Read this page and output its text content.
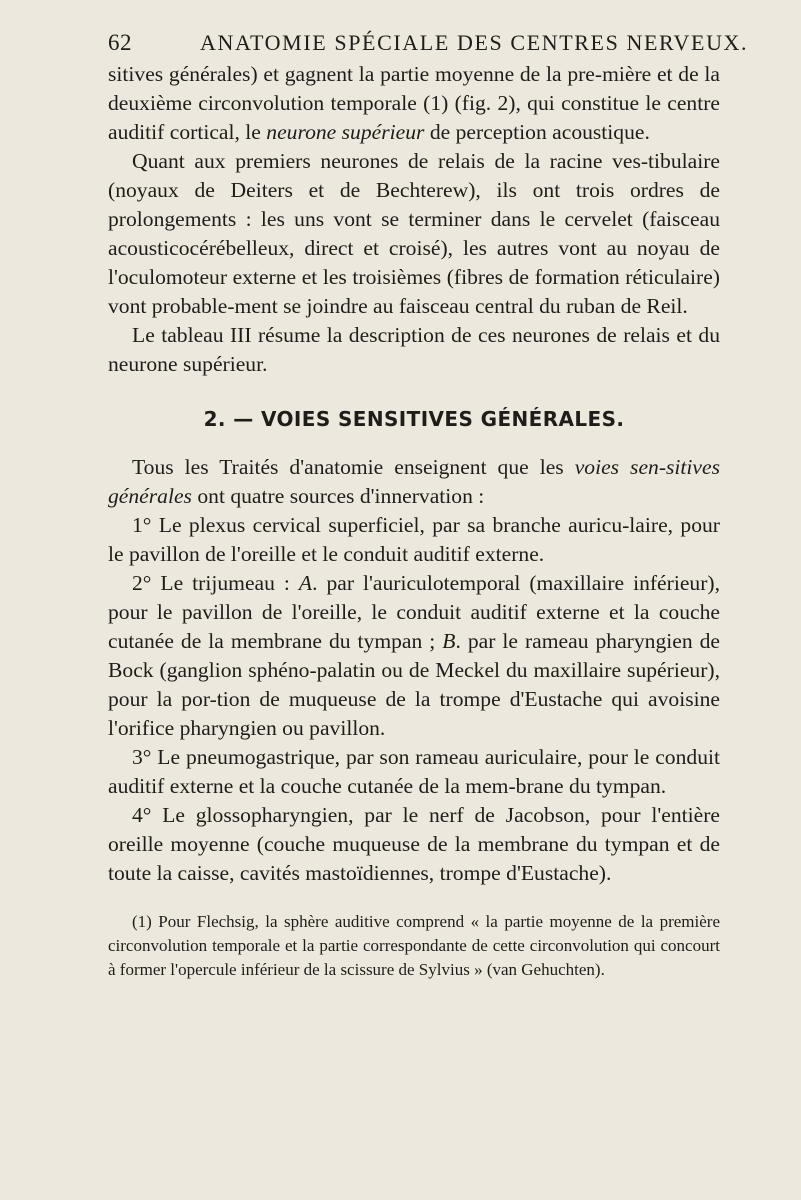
62	ANATOMIE SPÉCIALE DES CENTRES NERVEUX.

sitives générales) et gagnent la partie moyenne de la pre-mière et de la deuxième circonvolution temporale (1) (fig. 2), qui constitue le centre auditif cortical, le neurone supérieur de perception acoustique.

Quant aux premiers neurones de relais de la racine ves-tibulaire (noyaux de Deiters et de Bechterew), ils ont trois ordres de prolongements : les uns vont se terminer dans le cervelet (faisceau acousticocérébelleux, direct et croisé), les autres vont au noyau de l'oculomoteur externe et les troisièmes (fibres de formation réticulaire) vont probable-ment se joindre au faisceau central du ruban de Reil.

Le tableau III résume la description de ces neurones de relais et du neurone supérieur.

2. — VOIES SENSITIVES GÉNÉRALES.

Tous les Traités d'anatomie enseignent que les voies sen-sitives générales ont quatre sources d'innervation :

1° Le plexus cervical superficiel, par sa branche auricu-laire, pour le pavillon de l'oreille et le conduit auditif externe.

2° Le trijumeau : A. par l'auriculotemporal (maxillaire inférieur), pour le pavillon de l'oreille, le conduit auditif externe et la couche cutanée de la membrane du tympan ; B. par le rameau pharyngien de Bock (ganglion sphéno-palatin ou de Meckel du maxillaire supérieur), pour la por-tion de muqueuse de la trompe d'Eustache qui avoisine l'orifice pharyngien ou pavillon.

3° Le pneumogastrique, par son rameau auriculaire, pour le conduit auditif externe et la couche cutanée de la mem-brane du tympan.

4° Le glossopharyngien, par le nerf de Jacobson, pour l'entière oreille moyenne (couche muqueuse de la membrane du tympan et de toute la caisse, cavités mastoïdiennes, trompe d'Eustache).

(1) Pour Flechsig, la sphère auditive comprend « la partie moyenne de la première circonvolution temporale et la partie correspondante de cette circonvolution qui concourt à former l'opercule inférieur de la scissure de Sylvius » (van Gehuchten).
